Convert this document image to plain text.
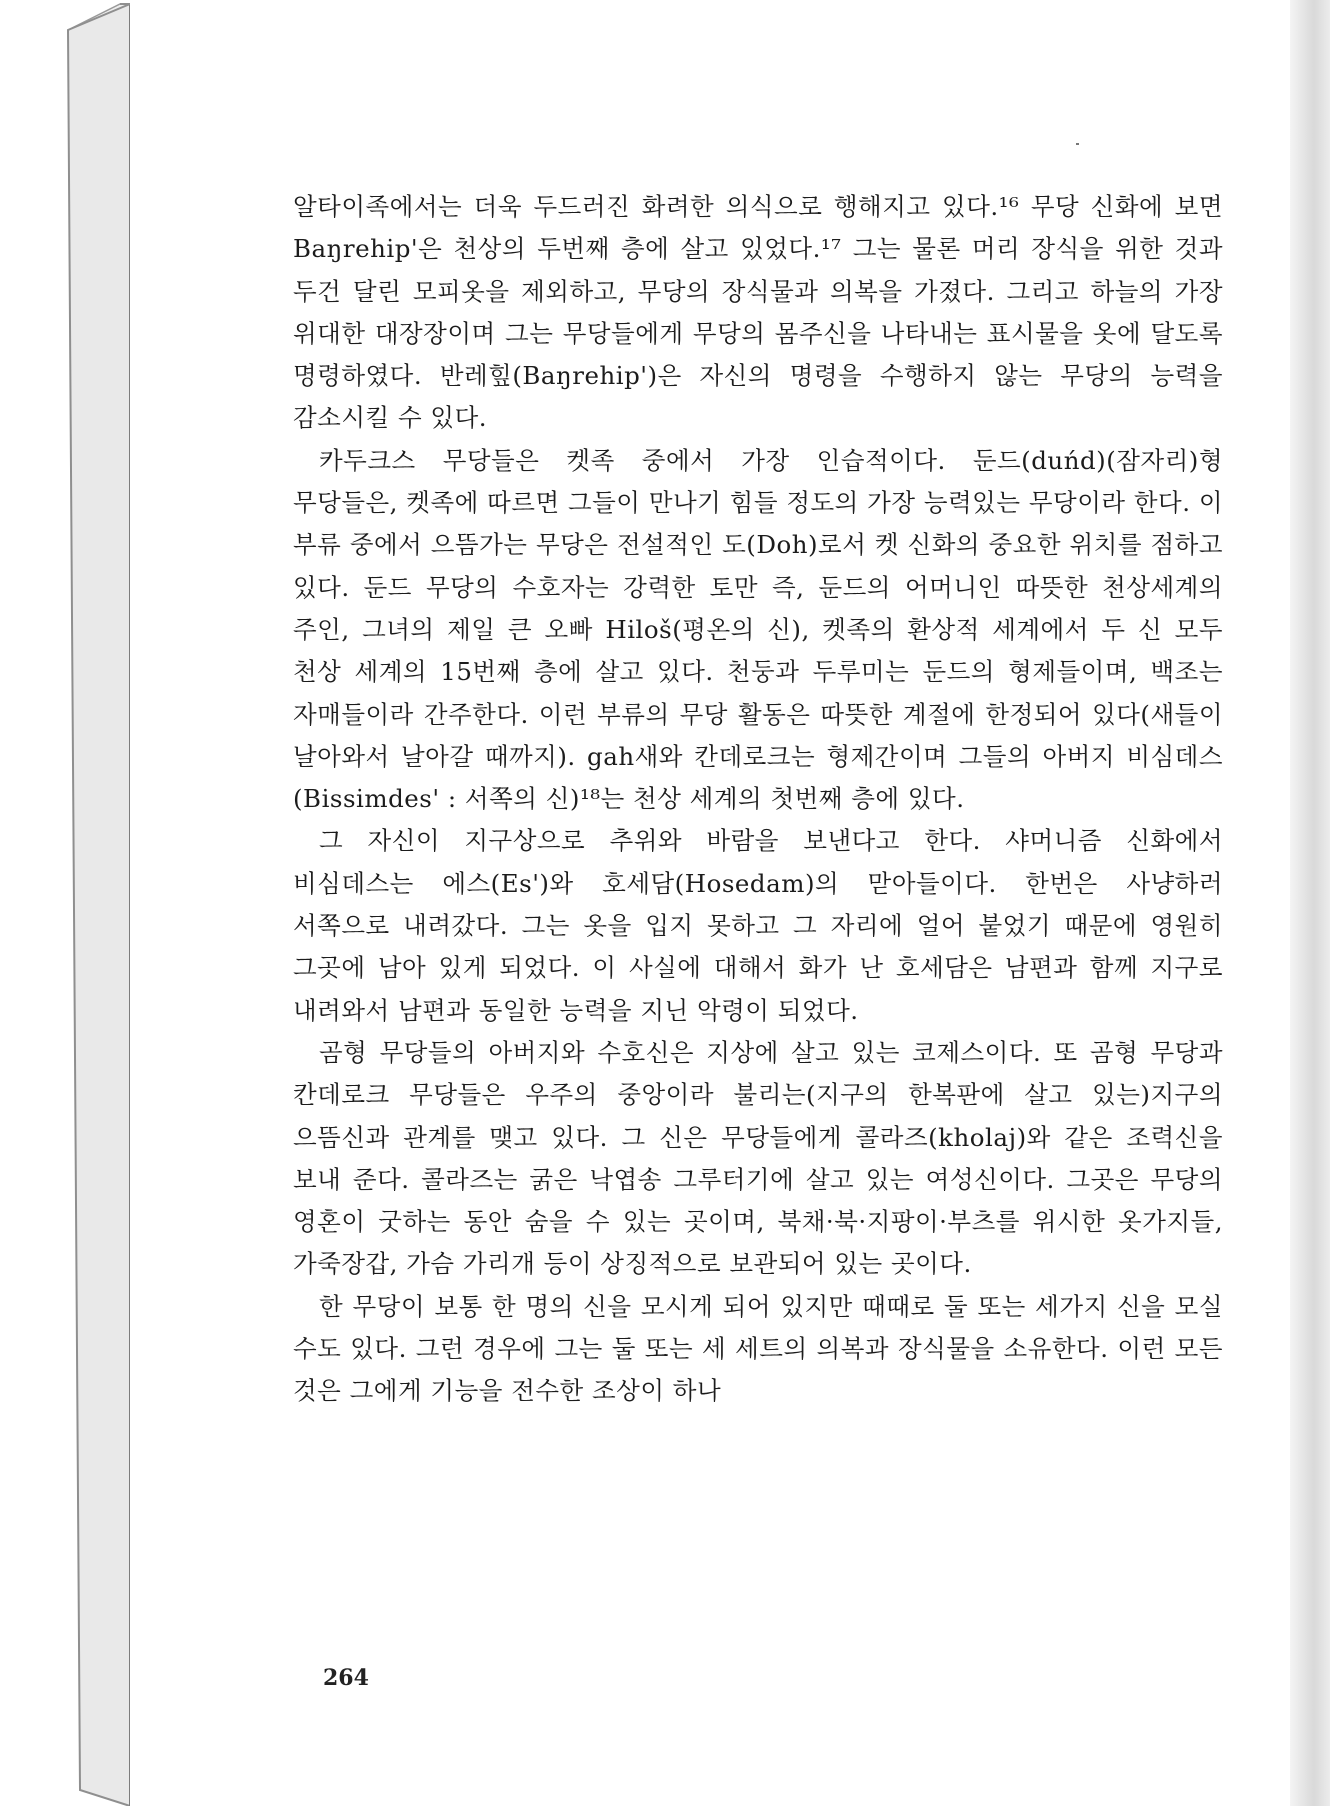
알타이족에서는 더욱 두드러진 화려한 의식으로 행해지고 있다.¹⁶ 무당 신화에 보면 Baŋrehip'은 천상의 두번째 층에 살고 있었다.¹⁷ 그는 물론 머리 장식을 위한 것과 두건 달린 모피옷을 제외하고, 무당의 장식물과 의복을 가졌다. 그리고 하늘의 가장 위대한 대장장이며 그는 무당들에게 무당의 몸주신을 나타내는 표시물을 옷에 달도록 명령하였다. 반레힢(Baŋrehip')은 자신의 명령을 수행하지 않는 무당의 능력을 감소시킬 수 있다.

카두크스 무당들은 켓족 중에서 가장 인습적이다. 둔드(duńd)(잠자리)형 무당들은, 켓족에 따르면 그들이 만나기 힘들 정도의 가장 능력있는 무당이라 한다. 이 부류 중에서 으뜸가는 무당은 전설적인 도(Doh)로서 켓 신화의 중요한 위치를 점하고 있다. 둔드 무당의 수호자는 강력한 토만 즉, 둔드의 어머니인 따뜻한 천상세계의 주인, 그녀의 제일 큰 오빠 Hiloš(평온의 신), 켓족의 환상적 세계에서 두 신 모두 천상 세계의 15번째 층에 살고 있다. 천둥과 두루미는 둔드의 형제들이며, 백조는 자매들이라 간주한다. 이런 부류의 무당 활동은 따뜻한 계절에 한정되어 있다(새들이 날아와서 날아갈 때까지). gah새와 칸데로크는 형제간이며 그들의 아버지 비심데스(Bissimdes' : 서쪽의 신)¹⁸는 천상 세계의 첫번째 층에 있다.

그 자신이 지구상으로 추위와 바람을 보낸다고 한다. 샤머니즘 신화에서 비심데스는 에스(Es')와 호세담(Hosedam)의 맏아들이다. 한번은 사냥하러 서쪽으로 내려갔다. 그는 옷을 입지 못하고 그 자리에 얼어 붙었기 때문에 영원히 그곳에 남아 있게 되었다. 이 사실에 대해서 화가 난 호세담은 남편과 함께 지구로 내려와서 남편과 동일한 능력을 지닌 악령이 되었다.

곰형 무당들의 아버지와 수호신은 지상에 살고 있는 코제스이다. 또 곰형 무당과 칸데로크 무당들은 우주의 중앙이라 불리는(지구의 한복판에 살고 있는)지구의 으뜸신과 관계를 맺고 있다. 그 신은 무당들에게 콜라즈(kholaj)와 같은 조력신을 보내 준다. 콜라즈는 굵은 낙엽송 그루터기에 살고 있는 여성신이다. 그곳은 무당의 영혼이 굿하는 동안 숨을 수 있는 곳이며, 북채·북·지팡이·부츠를 위시한 옷가지들, 가죽장갑, 가슴 가리개 등이 상징적으로 보관되어 있는 곳이다.

한 무당이 보통 한 명의 신을 모시게 되어 있지만 때때로 둘 또는 세가지 신을 모실 수도 있다. 그런 경우에 그는 둘 또는 세 세트의 의복과 장식물을 소유한다. 이런 모든 것은 그에게 기능을 전수한 조상이 하나

264
